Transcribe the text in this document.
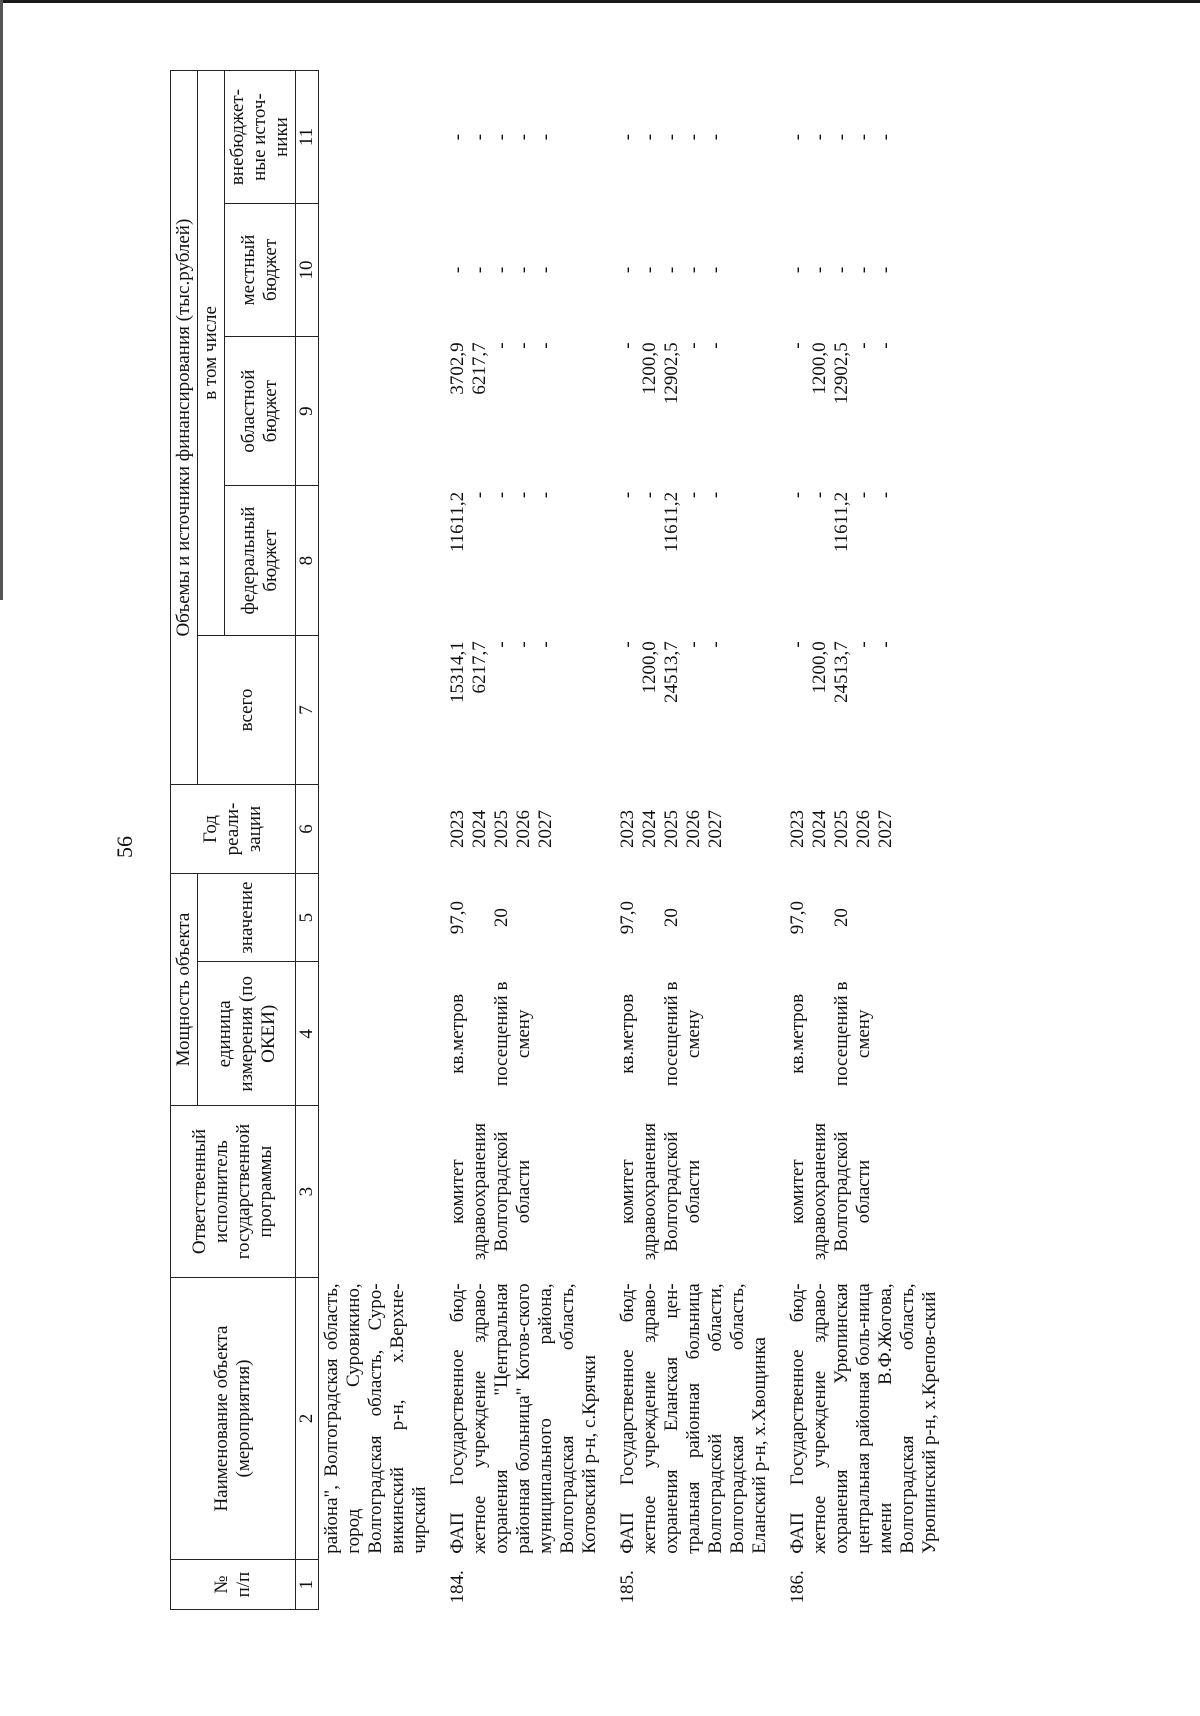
56
№ п/п	Наименование объекта (мероприятия)	Ответственный исполнитель государственной программы	Мощность объекта		Год реали-зации	Объемы и источники финансирования (тыс.рублей)				
			единица измерения (по ОКЕИ)	значение		всего	в том числе			
							федеральный бюджет	областной бюджет	местный бюджет	внебюджет-ные источ-ники
1	2	3	4	5	6	7	8	9	10	11
	района", Волгоградская область, город Суровикино, Волгоградская область, Суро-викинский р-н, х.Верхне-чирский									

184.	ФАП Государственное бюд-жетное учреждение здраво-охранения "Центральная районная больница" Котов-ского муниципального района, Волгоградская область, Котовский р-н, с.Крячки	комитет здравоохранения Волгоградской области	кв.метров посещений в смену	97,0 20	2023 2024 2025 2026 2027	15314,1 6217,7 - - -	11611,2 - - - -	3702,9 6217,7 - - -	- - - - -	- - - - -

185.	ФАП Государственное бюд-жетное учреждение здраво-охранения Еланская цен-тральная районная больница Волгоградской области, Волгоградская область, Еланский р-н, х.Хвощинка	комитет здравоохранения Волгоградской области	кв.метров посещений в смену	97,0 20	2023 2024 2025 2026 2027	- 1200,0 24513,7 - -	- - 11611,2 - -	- 1200,0 12902,5 - -	- - - - -	- - - - -

186.	ФАП Государственное бюд-жетное учреждение здраво-охранения Урюпинская центральная районная боль-ница имени В.Ф.Жогова, Волгоградская область, Урюпинский р-н, х.Крепов-ский	комитет здравоохранения Волгоградской области	кв.метров посещений в смену	97,0 20	2023 2024 2025 2026 2027	- 1200,0 24513,7 - -	- - 11611,2 - -	- 1200,0 12902,5 - -	- - - - -	- - - - -
